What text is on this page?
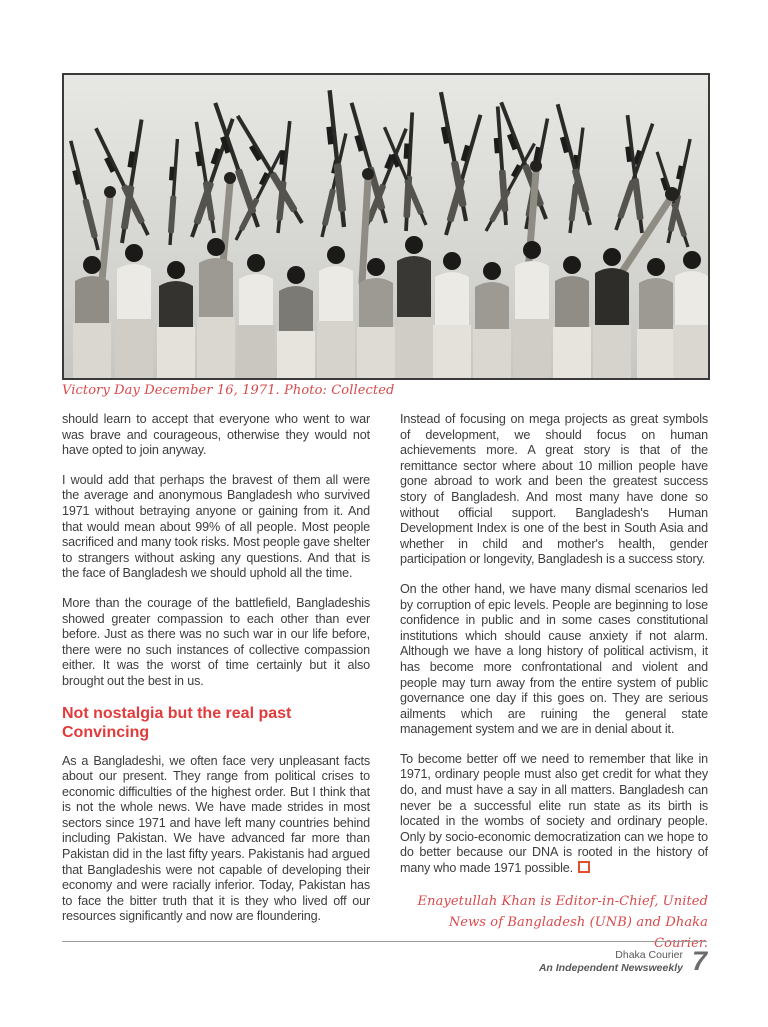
Victory Day December 16, 1971. Photo: Collected

should learn to accept that everyone who went to war was brave and courageous, otherwise they would not have opted to join anyway.

I would add that perhaps the bravest of them all were the average and anonymous Bangladesh who survived 1971 without betraying anyone or gaining from it. And that would mean about 99% of all people. Most people sacrificed and many took risks. Most people gave shelter to strangers without asking any questions. And that is the face of Bangladesh we should uphold all the time.

More than the courage of the battlefield, Bangladeshis showed greater compassion to each other than ever before. Just as there was no such war in our life before, there were no such instances of collective compassion either. It was the worst of time certainly but it also brought out the best in us.

Not nostalgia but the real past Convincing

As a Bangladeshi, we often face very unpleasant facts about our present. They range from political crises to economic difficulties of the highest order. But I think that is not the whole news. We have made strides in most sectors since 1971 and have left many countries behind including Pakistan. We have advanced far more than Pakistan did in the last fifty years. Pakistanis had argued that Bangladeshis were not capable of developing their economy and were racially inferior. Today, Pakistan has to face the bitter truth that it is they who lived off our resources significantly and now are floundering.

Instead of focusing on mega projects as great symbols of development, we should focus on human achievements more. A great story is that of the remittance sector where about 10 million people have gone abroad to work and been the greatest success story of Bangladesh. And most many have done so without official support. Bangladesh's Human Development Index is one of the best in South Asia and whether in child and mother's health, gender participation or longevity, Bangladesh is a success story.

On the other hand, we have many dismal scenarios led by corruption of epic levels. People are beginning to lose confidence in public and in some cases constitutional institutions which should cause anxiety if not alarm. Although we have a long history of political activism, it has become more confrontational and violent and people may turn away from the entire system of public governance one day if this goes on. They are serious ailments which are ruining the general state management system and we are in denial about it.

To become better off we need to remember that like in 1971, ordinary people must also get credit for what they do, and must have a say in all matters. Bangladesh can never be a successful elite run state as its birth is located in the wombs of society and ordinary people. Only by socio-economic democratization can we hope to do better because our DNA is rooted in the history of many who made 1971 possible.

Enayetullah Khan is Editor-in-Chief, United News of Bangladesh (UNB) and Dhaka Courier.

Dhaka Courier
An Independent Newsweekly 7
